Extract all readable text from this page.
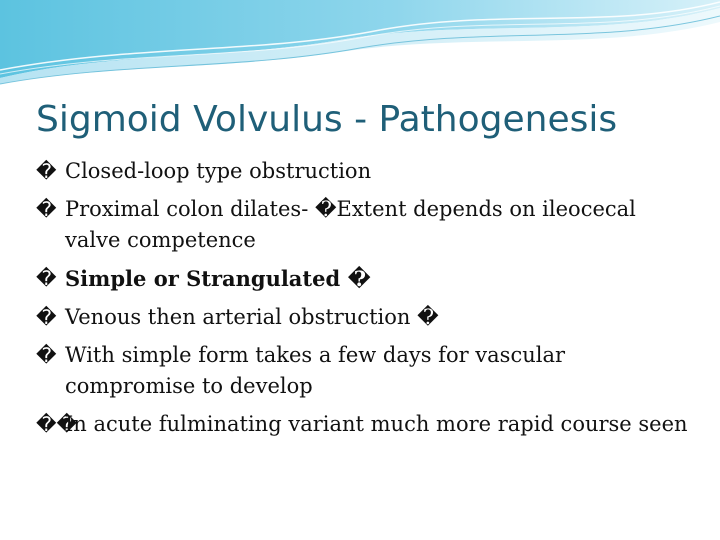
Sigmoid Volvulus - Pathogenesis
� Closed-loop type obstruction
� Proximal colon dilates- �Extent depends on ileocecal valve competence
� Simple or Strangulated �
� Venous then arterial obstruction �
� With simple form takes a few days for vascular compromise to develop
��
In acute fulminating variant much more rapid course seen
